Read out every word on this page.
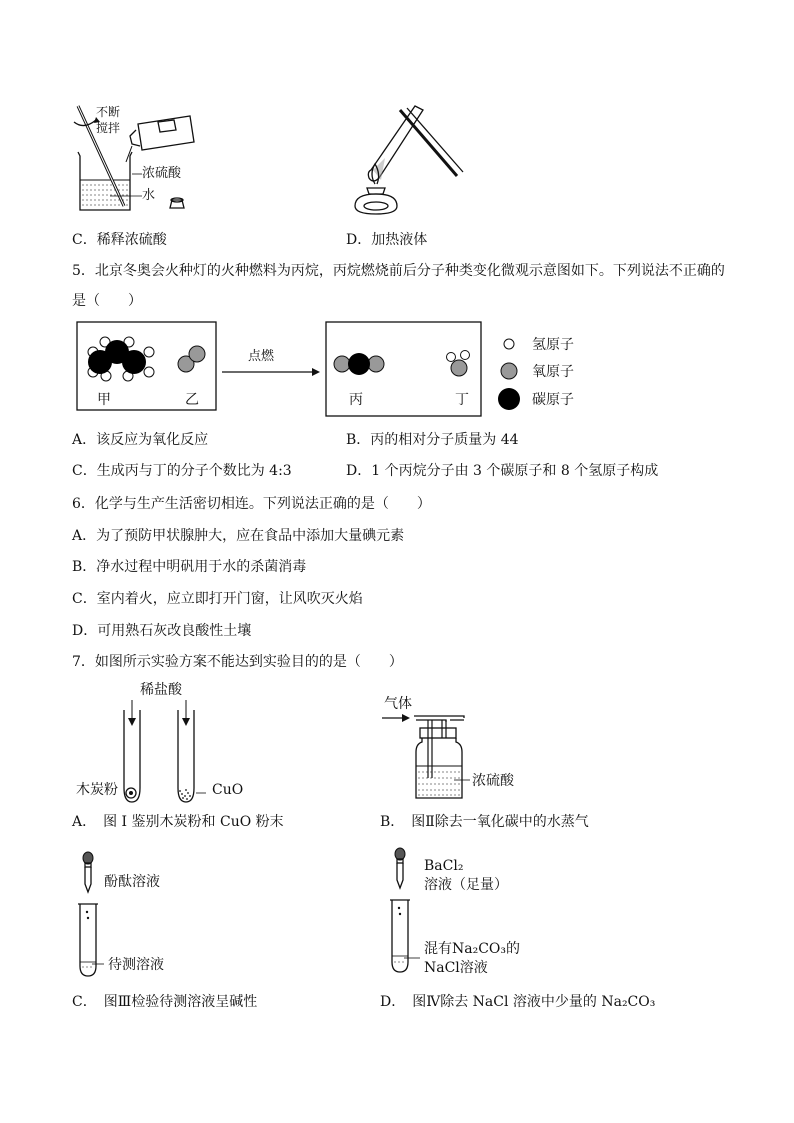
不断
搅拌
浓硫酸
水
C．稀释浓硫酸	D．加热液体
5．北京冬奥会火种灯的火种燃料为丙烷，丙烷燃烧前后分子种类变化微观示意图如下。下列说法不正确的
是（　　）
甲	乙
点燃
丙	丁
氢原子
氧原子
碳原子
A．该反应为氧化反应	B．丙的相对分子质量为 44
C．生成丙与丁的分子个数比为 4:3	D．1 个丙烷分子由 3 个碳原子和 8 个氢原子构成
6．化学与生产生活密切相连。下列说法正确的是（　　）
A．为了预防甲状腺肿大，应在食品中添加大量碘元素
B．净水过程中明矾用于水的杀菌消毒
C．室内着火，应立即打开门窗，让风吹灭火焰
D．可用熟石灰改良酸性土壤
7．如图所示实验方案不能达到实验目的的是（　　）
稀盐酸
木炭粉	CuO
气体
浓硫酸
A．　图 I 鉴别木炭粉和 CuO 粉末	B．　图Ⅱ除去一氧化碳中的水蒸气
酚酞溶液
待测溶液
BaCl₂
溶液（足量）
混有Na₂CO₃的
NaCl溶液
C．　图Ⅲ检验待测溶液呈碱性	D．　图Ⅳ除去 NaCl 溶液中少量的 Na₂CO₃
